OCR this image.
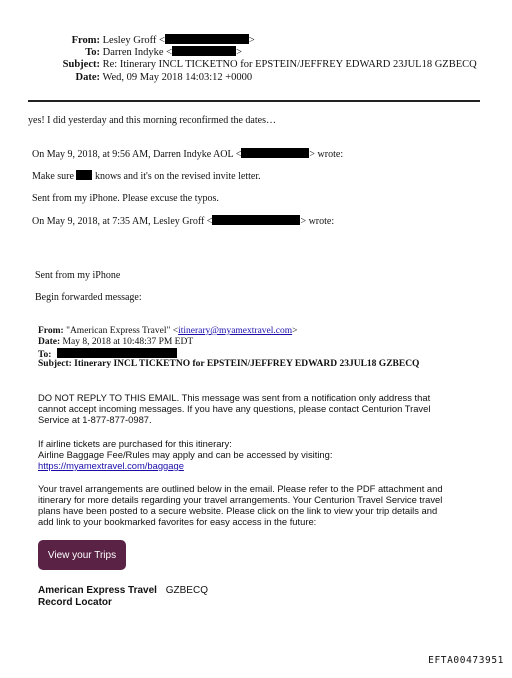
From: Lesley Groff <	>
To: Darren Indyke <	>
Subject: Re: Itinerary INCL TICKETNO for EPSTEIN/JEFFREY EDWARD 23JUL18 GZBECQ
Date: Wed, 09 May 2018 14:03:12 +0000
yes! I did yesterday and this morning reconfirmed the dates…
On May 9, 2018, at 9:56 AM, Darren Indyke AOL <	> wrote:
Make sure knows and it's on the revised invite letter.
Sent from my iPhone. Please excuse the typos.
On May 9, 2018, at 7:35 AM, Lesley Groff <	> wrote:
Sent from my iPhone
Begin forwarded message:
From: "American Express Travel" <itinerary@myamextravel.com>
Date: May 8, 2018 at 10:48:37 PM EDT
To:
Subject: Itinerary INCL TICKETNO for EPSTEIN/JEFFREY EDWARD 23JUL18 GZBECQ
DO NOT REPLY TO THIS EMAIL. This message was sent from a notification only address that
cannot accept incoming messages. If you have any questions, please contact Centurion Travel
Service at 1-877-877-0987.
If airline tickets are purchased for this itinerary:
Airline Baggage Fee/Rules may apply and can be accessed by visiting:
https://myamextravel.com/baggage
Your travel arrangements are outlined below in the email. Please refer to the PDF attachment and
itinerary for more details regarding your travel arrangements. Your Centurion Travel Service travel
plans have been posted to a secure website. Please click on the link to view your trip details and
add link to your bookmarked favorites for easy access in the future:
View your Trips
American Express Travel GZBECQ
Record Locator
EFTA00473951
